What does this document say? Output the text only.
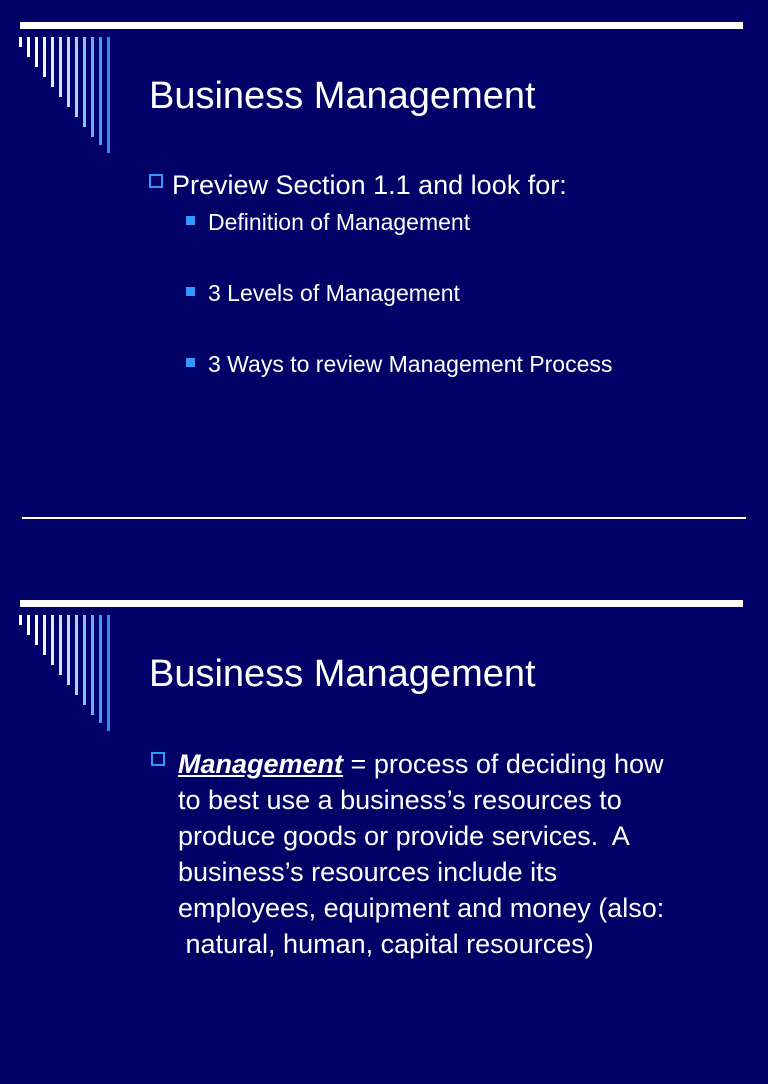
Business Management
Preview Section 1.1 and look for:
Definition of Management
3 Levels of Management
3 Ways to review Management Process
Business Management
Management = process of deciding how
to best use a business’s resources to
produce goods or provide services.  A
business’s resources include its
employees, equipment and money (also:
natural, human, capital resources)
